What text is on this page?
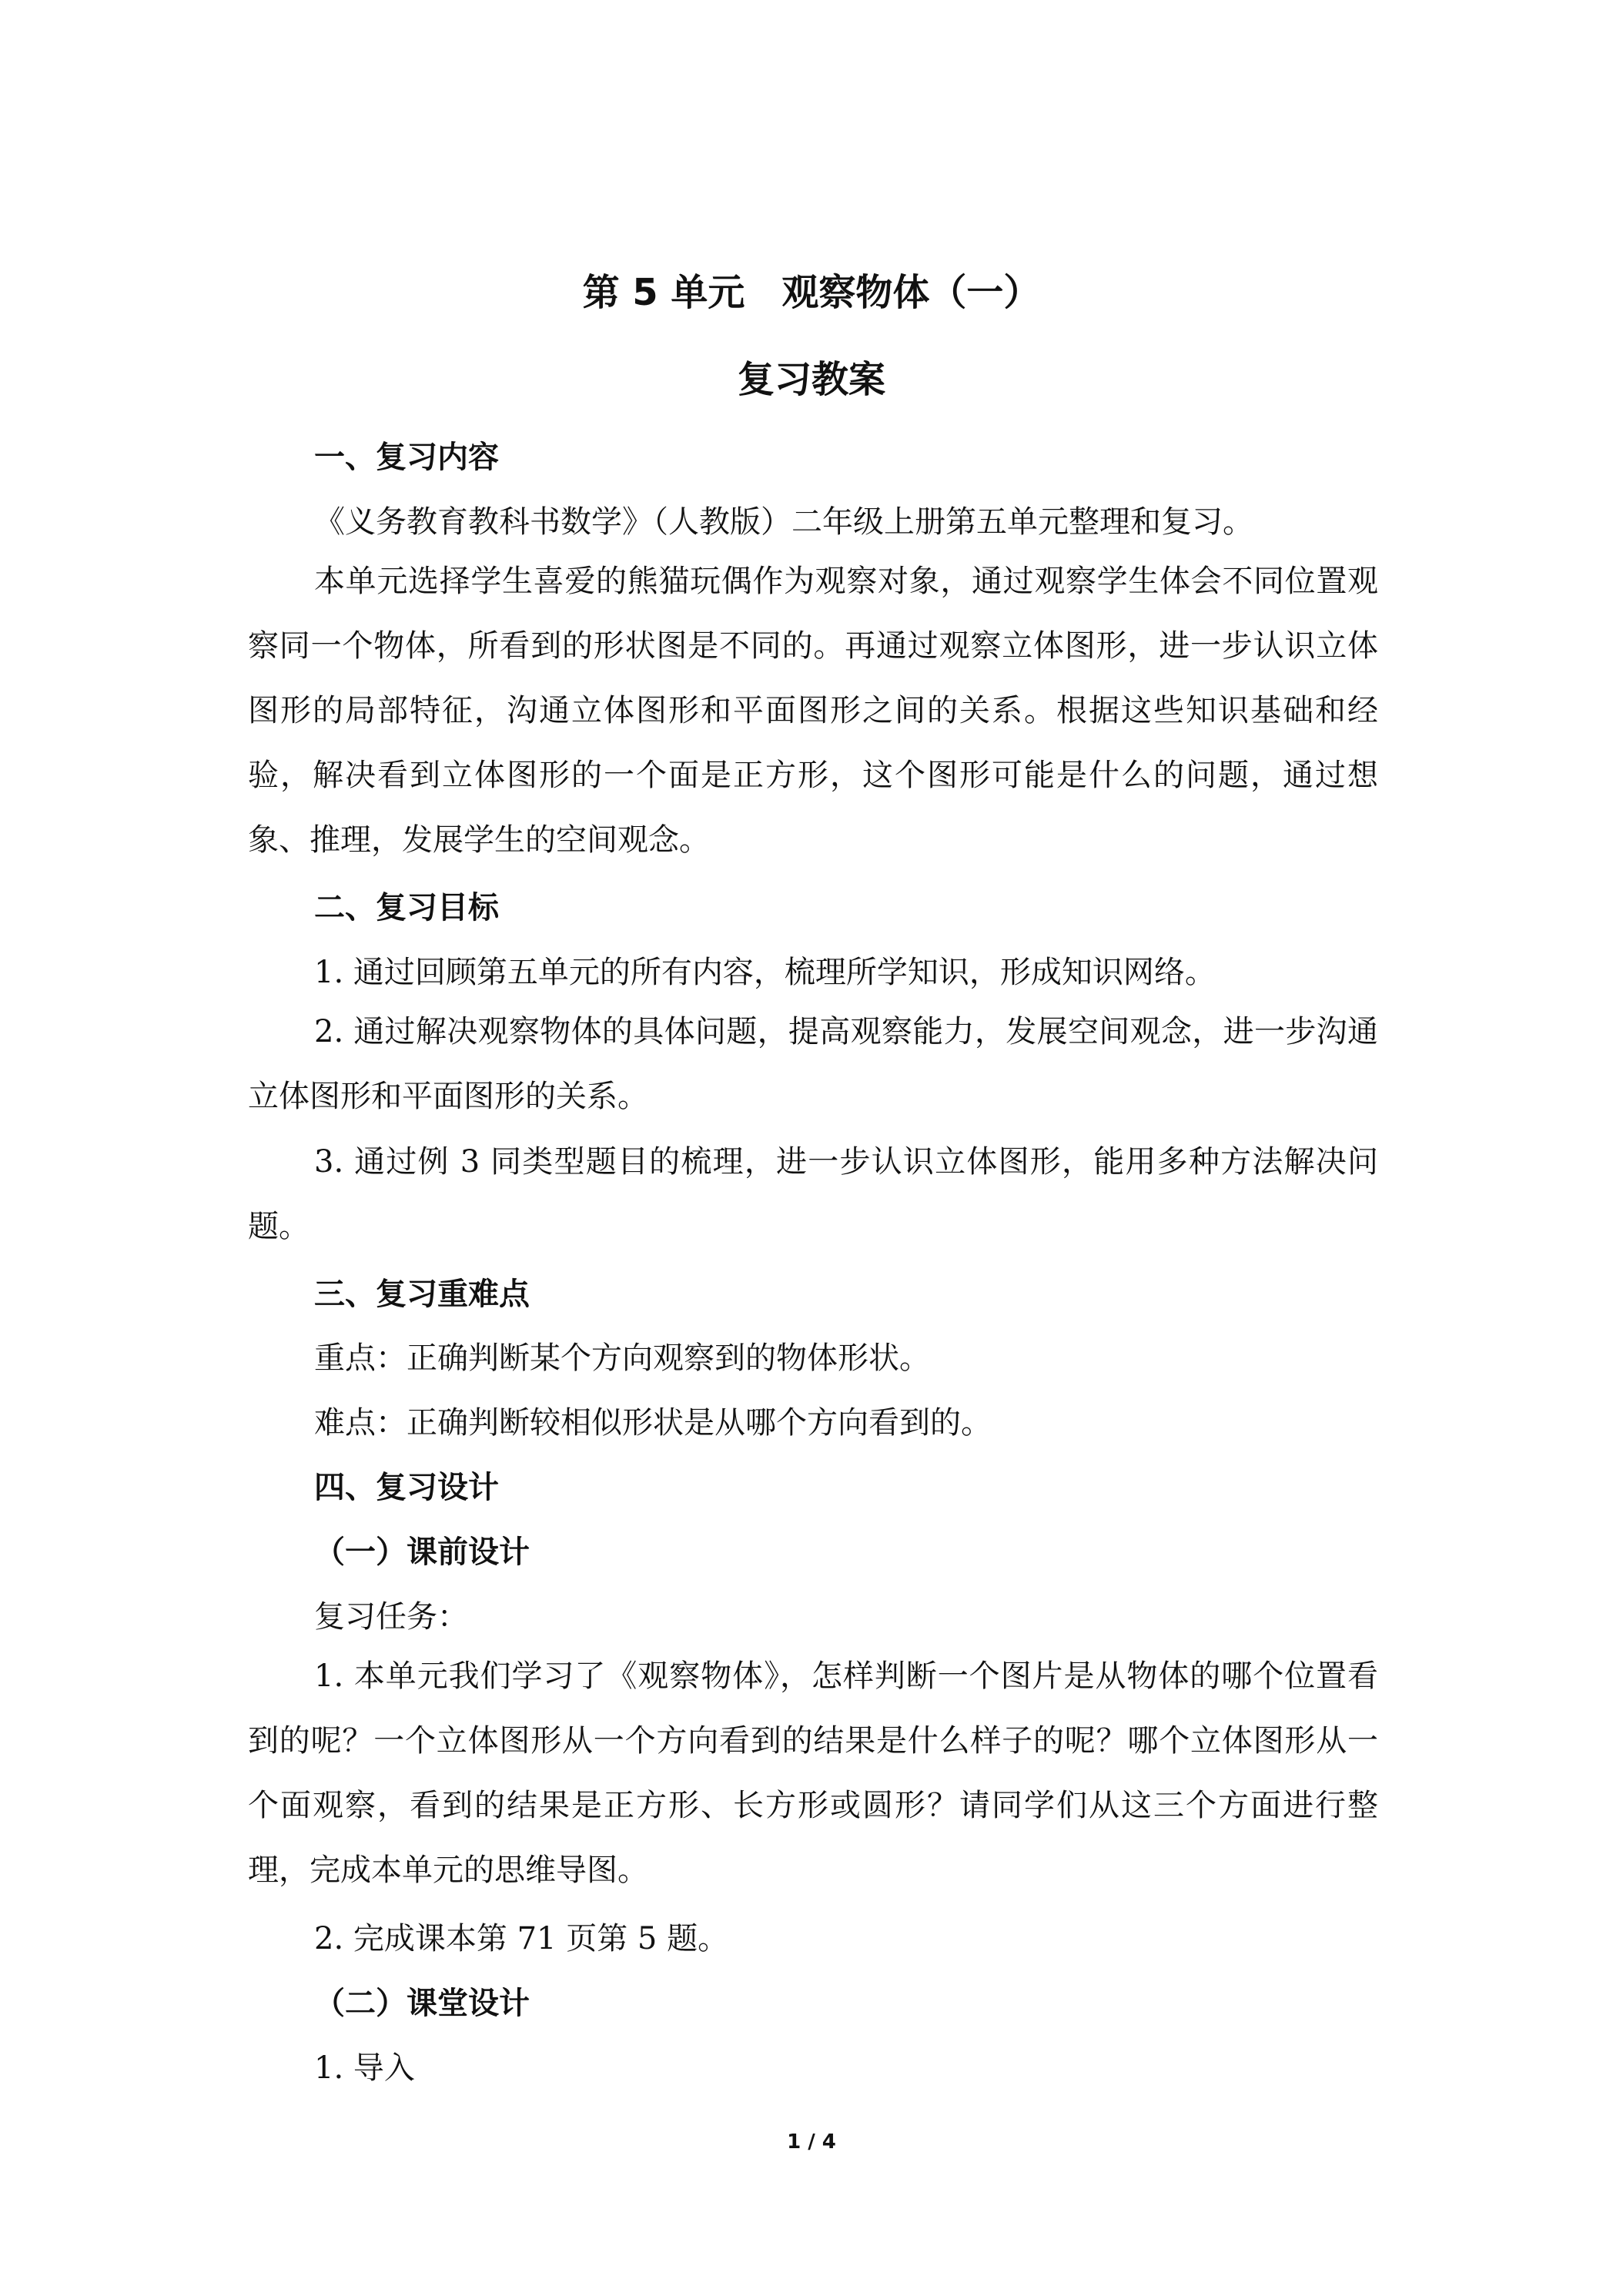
第 5 单元　观察物体（一）
复习教案
一、复习内容
《义务教育教科书数学》（人教版）二年级上册第五单元整理和复习。
本单元选择学生喜爱的熊猫玩偶作为观察对象，通过观察学生体会不同位置观察同一个物体，所看到的形状图是不同的。再通过观察立体图形，进一步认识立体图形的局部特征，沟通立体图形和平面图形之间的关系。根据这些知识基础和经验，解决看到立体图形的一个面是正方形，这个图形可能是什么的问题，通过想象、推理，发展学生的空间观念。
二、复习目标
1. 通过回顾第五单元的所有内容，梳理所学知识，形成知识网络。
2. 通过解决观察物体的具体问题，提高观察能力，发展空间观念，进一步沟通立体图形和平面图形的关系。
3. 通过例 3 同类型题目的梳理，进一步认识立体图形，能用多种方法解决问题。
三、复习重难点
重点：正确判断某个方向观察到的物体形状。
难点：正确判断较相似形状是从哪个方向看到的。
四、复习设计
（一）课前设计
复习任务：
1. 本单元我们学习了《观察物体》，怎样判断一个图片是从物体的哪个位置看到的呢？一个立体图形从一个方向看到的结果是什么样子的呢？哪个立体图形从一个面观察，看到的结果是正方形、长方形或圆形？请同学们从这三个方面进行整理，完成本单元的思维导图。
2. 完成课本第 71 页第 5 题。
（二）课堂设计
1. 导入
1 / 4
